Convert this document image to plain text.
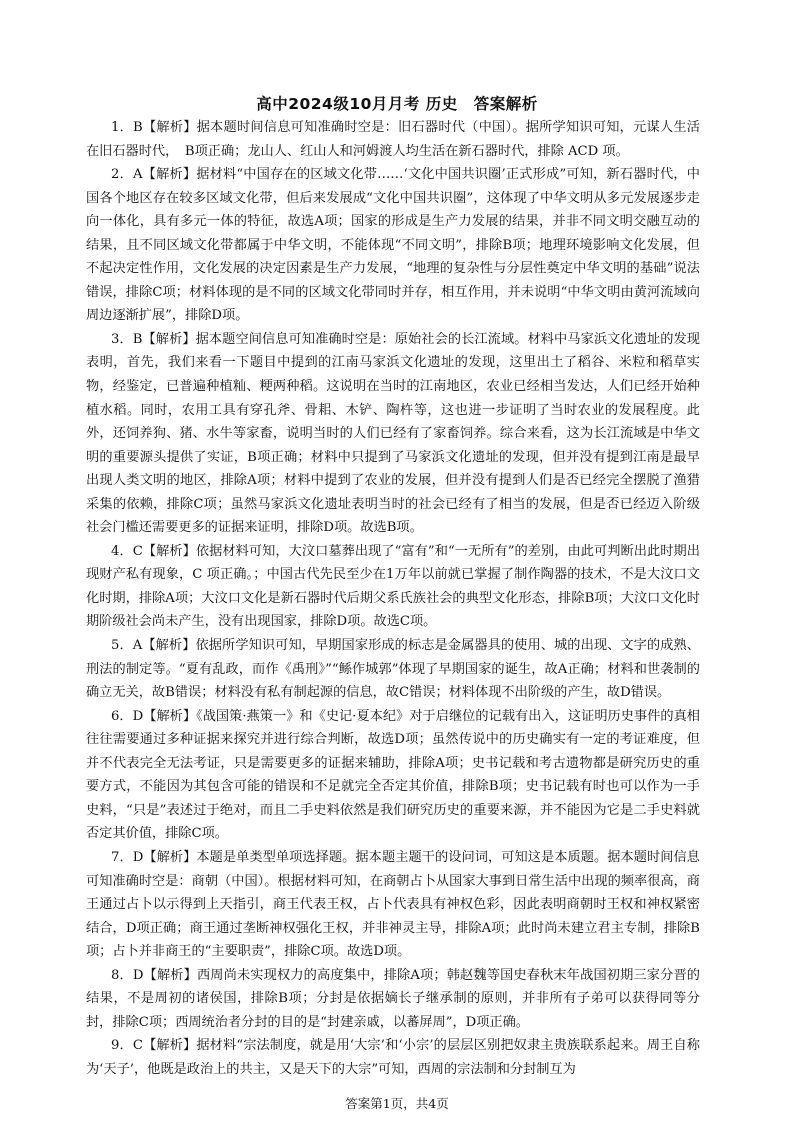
高中2024级10月月考 历史　答案解析

1．B【解析】据本题时间信息可知准确时空是：旧石器时代（中国）。据所学知识可知，元谋人生活在旧石器时代，　B项正确；龙山人、红山人和河姆渡人均生活在新石器时代，排除 ACD 项。

2．A【解析】据材料“中国存在的区域文化带……‘文化中国共识圈’正式形成”可知，新石器时代，中国各个地区存在较多区域文化带，但后来发展成“文化中国共识圈”，这体现了中华文明从多元发展逐步走向一体化，具有多元一体的特征，故选A项；国家的形成是生产力发展的结果，并非不同文明交融互动的结果，且不同区域文化带都属于中华文明，不能体现“不同文明”，排除B项；地理环境影响文化发展，但不起决定性作用，文化发展的决定因素是生产力发展，“地理的复杂性与分层性奠定中华文明的基础”说法错误，排除C项；材料体现的是不同的区域文化带同时并存，相互作用，并未说明“中华文明由黄河流域向周边逐渐扩展”，排除D项。

3．B【解析】据本题空间信息可知准确时空是：原始社会的长江流域。材料中马家浜文化遗址的发现表明，首先，我们来看一下题目中提到的江南马家浜文化遗址的发现，这里出土了稻谷、米粒和稻草实物，经鉴定，已普遍种植籼、粳两种稻。这说明在当时的江南地区，农业已经相当发达，人们已经开始种植水稻。同时，农用工具有穿孔斧、骨耜、木铲、陶杵等，这也进一步证明了当时农业的发展程度。此外，还饲养狗、猪、水牛等家畜，说明当时的人们已经有了家畜饲养。综合来看，这为长江流域是中华文明的重要源头提供了实证，B项正确；材料中只提到了马家浜文化遗址的发现，但并没有提到江南是最早出现人类文明的地区，排除A项；材料中提到了农业的发展，但并没有提到人们是否已经完全摆脱了渔猎采集的依赖，排除C项；虽然马家浜文化遗址表明当时的社会已经有了相当的发展，但是否已经迈入阶级社会门槛还需要更多的证据来证明，排除D项。故选B项。

4．C【解析】依据材料可知，大汶口墓葬出现了“富有”和“一无所有”的差别，由此可判断出此时期出现财产私有现象，C 项正确。；中国古代先民至少在1万年以前就已掌握了制作陶器的技术，不是大汶口文化时期，排除A项；大汶口文化是新石器时代后期父系氏族社会的典型文化形态，排除B项；大汶口文化时期阶级社会尚未产生，没有出现国家，排除D项。故选C项。

5．A【解析】依据所学知识可知，早期国家形成的标志是金属器具的使用、城的出现、文字的成熟、刑法的制定等。“夏有乱政，而作《禹刑》”“鲧作城郭”体现了早期国家的诞生，故A正确；材料和世袭制的确立无关，故B错误；材料没有私有制起源的信息，故C错误；材料体现不出阶级的产生，故D错误。

6．D【解析】《战国策·燕策一》和《史记·夏本纪》对于启继位的记载有出入，这证明历史事件的真相往往需要通过多种证据来探究并进行综合判断，故选D项；虽然传说中的历史确实有一定的考证难度，但并不代表完全无法考证，只是需要更多的证据来辅助，排除A项；史书记载和考古遗物都是研究历史的重要方式，不能因为其包含可能的错误和不足就完全否定其价值，排除B项；史书记载有时也可以作为一手史料，“只是”表述过于绝对，而且二手史料依然是我们研究历史的重要来源，并不能因为它是二手史料就否定其价值，排除C项。

7．D【解析】本题是单类型单项选择题。据本题主题干的设问词，可知这是本质题。据本题时间信息可知准确时空是：商朝（中国）。根据材料可知，在商朝占卜从国家大事到日常生活中出现的频率很高，商王通过占卜以示得到上天指引，商王代表王权，占卜代表具有神权色彩，因此表明商朝时王权和神权紧密结合，D项正确；商王通过垄断神权强化王权，并非神灵主导，排除A项；此时尚未建立君主专制，排除B项；占卜并非商王的“主要职责”，排除C项。故选D项。

8．D【解析】西周尚未实现权力的高度集中，排除A项；韩赵魏等国史春秋末年战国初期三家分晋的结果，不是周初的诸侯国，排除B项；分封是依据嫡长子继承制的原则，并非所有子弟可以获得同等分封，排除C项；西周统治者分封的目的是“封建亲戚，以蕃屏周”，D项正确。

9．C【解析】据材料“宗法制度，就是用‘大宗’和‘小宗’的层层区别把奴隶主贵族联系起来。周王自称为‘天子’，他既是政治上的共主，又是天下的大宗”可知，西周的宗法制和分封制互为

答案第1页，共4页
